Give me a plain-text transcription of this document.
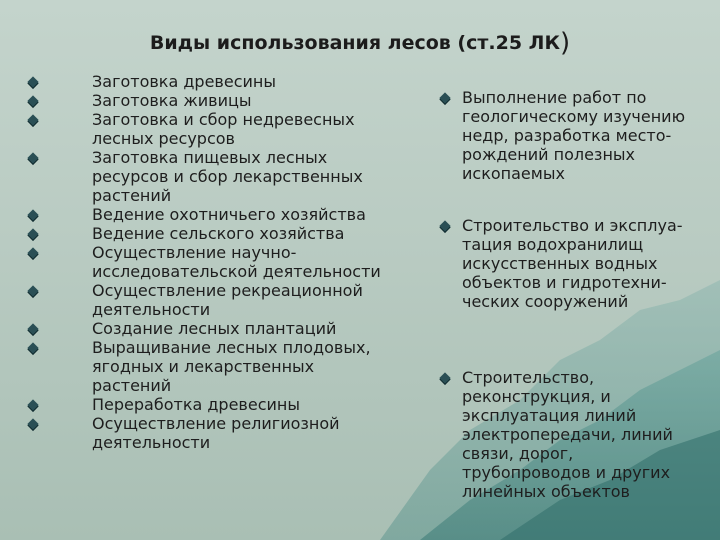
Виды использования лесов (ст.25 ЛК)
Заготовка древесины
Заготовка живицы
Заготовка и сбор недревесных
лесных ресурсов
Заготовка пищевых лесных
ресурсов и сбор лекарственных
растений
Ведение охотничьего хозяйства
Ведение сельского хозяйства
Осуществление научно-
исследовательской деятельности
Осуществление рекреационной
деятельности
Создание лесных плантаций
Выращивание лесных плодовых,
ягодных и лекарственных
растений
Переработка древесины
Осуществление религиозной
деятельности
Выполнение работ по
геологическому изучению
недр, разработка место-
рождений полезных
ископаемых
Строительство и эксплуа-
тация водохранилищ
искусственных водных
объектов и гидротехни-
ческих сооружений
Строительство,
реконструкция, и
эксплуатация линий
электропередачи, линий
связи, дорог,
трубопроводов и других
линейных объектов
